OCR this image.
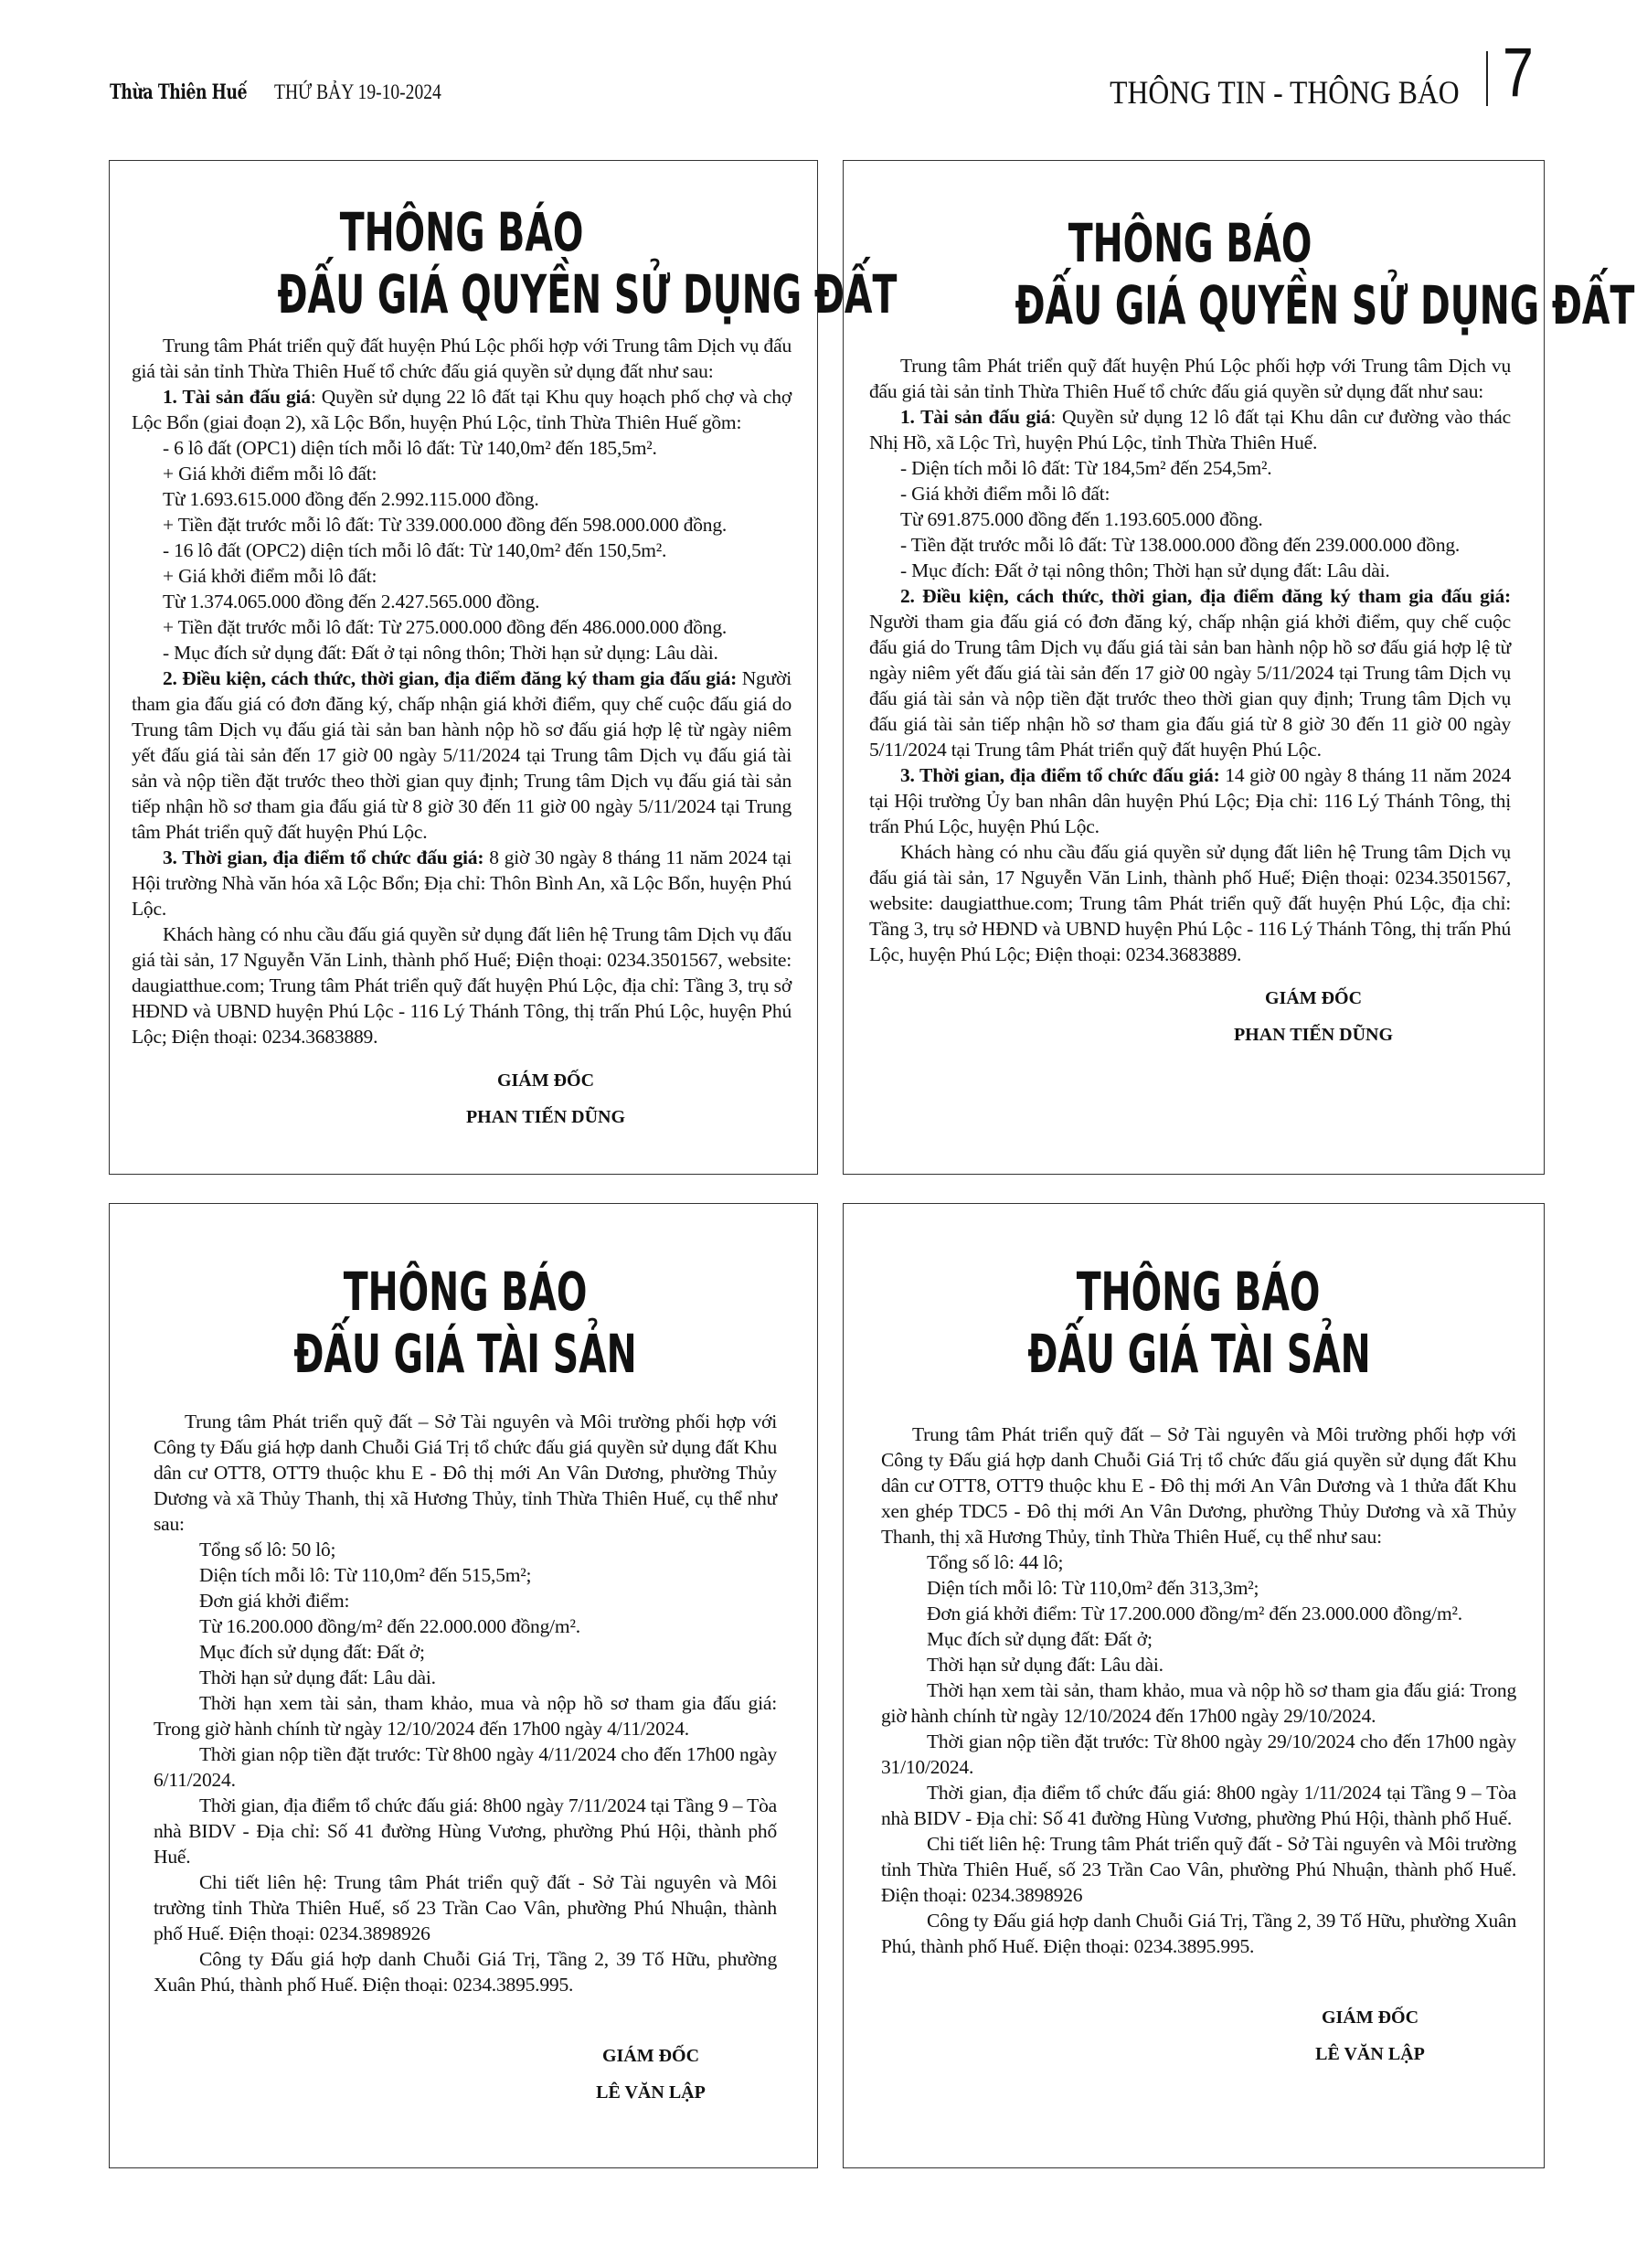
Thừa Thiên Huế THỨ BẢY 19-10-2024	THÔNG TIN - THÔNG BÁO 7
THÔNG BÁO
ĐẤU GIÁ QUYỀN SỬ DỤNG ĐẤT

Trung tâm Phát triển quỹ đất huyện Phú Lộc phối hợp với Trung tâm Dịch vụ đấu giá tài sản tỉnh Thừa Thiên Huế tổ chức đấu giá quyền sử dụng đất như sau:

1. Tài sản đấu giá: Quyền sử dụng 22 lô đất tại Khu quy hoạch phố chợ và chợ Lộc Bổn (giai đoạn 2), xã Lộc Bổn, huyện Phú Lộc, tỉnh Thừa Thiên Huế gồm:

- 6 lô đất (OPC1) diện tích mỗi lô đất: Từ 140,0m² đến 185,5m².

+ Giá khởi điểm mỗi lô đất:

Từ 1.693.615.000 đồng đến 2.992.115.000 đồng.

+ Tiền đặt trước mỗi lô đất: Từ 339.000.000 đồng đến 598.000.000 đồng.

- 16 lô đất (OPC2) diện tích mỗi lô đất: Từ 140,0m² đến 150,5m².

+ Giá khởi điểm mỗi lô đất:

Từ 1.374.065.000 đồng đến 2.427.565.000 đồng.

+ Tiền đặt trước mỗi lô đất: Từ 275.000.000 đồng đến 486.000.000 đồng.

- Mục đích sử dụng đất: Đất ở tại nông thôn; Thời hạn sử dụng: Lâu dài.

2. Điều kiện, cách thức, thời gian, địa điểm đăng ký tham gia đấu giá: Người tham gia đấu giá có đơn đăng ký, chấp nhận giá khởi điểm, quy chế cuộc đấu giá do Trung tâm Dịch vụ đấu giá tài sản ban hành nộp hồ sơ đấu giá hợp lệ từ ngày niêm yết đấu giá tài sản đến 17 giờ 00 ngày 5/11/2024 tại Trung tâm Dịch vụ đấu giá tài sản và nộp tiền đặt trước theo thời gian quy định; Trung tâm Dịch vụ đấu giá tài sản tiếp nhận hồ sơ tham gia đấu giá từ 8 giờ 30 đến 11 giờ 00 ngày 5/11/2024 tại Trung tâm Phát triển quỹ đất huyện Phú Lộc.

3. Thời gian, địa điểm tổ chức đấu giá: 8 giờ 30 ngày 8 tháng 11 năm 2024 tại Hội trường Nhà văn hóa xã Lộc Bổn; Địa chỉ: Thôn Bình An, xã Lộc Bổn, huyện Phú Lộc.

Khách hàng có nhu cầu đấu giá quyền sử dụng đất liên hệ Trung tâm Dịch vụ đấu giá tài sản, 17 Nguyễn Văn Linh, thành phố Huế; Điện thoại: 0234.3501567, website: daugiatthue.com; Trung tâm Phát triển quỹ đất huyện Phú Lộc, địa chỉ: Tầng 3, trụ sở HĐND và UBND huyện Phú Lộc - 116 Lý Thánh Tông, thị trấn Phú Lộc, huyện Phú Lộc; Điện thoại: 0234.3683889.

GIÁM ĐỐC
PHAN TIẾN DŨNG
THÔNG BÁO
ĐẤU GIÁ QUYỀN SỬ DỤNG ĐẤT

Trung tâm Phát triển quỹ đất huyện Phú Lộc phối hợp với Trung tâm Dịch vụ đấu giá tài sản tỉnh Thừa Thiên Huế tổ chức đấu giá quyền sử dụng đất như sau:

1. Tài sản đấu giá: Quyền sử dụng 12 lô đất tại Khu dân cư đường vào thác Nhị Hồ, xã Lộc Trì, huyện Phú Lộc, tỉnh Thừa Thiên Huế.

- Diện tích mỗi lô đất: Từ 184,5m² đến 254,5m².

- Giá khởi điểm mỗi lô đất:

Từ 691.875.000 đồng đến 1.193.605.000 đồng.

- Tiền đặt trước mỗi lô đất: Từ 138.000.000 đồng đến 239.000.000 đồng.

- Mục đích: Đất ở tại nông thôn; Thời hạn sử dụng đất: Lâu dài.

2. Điều kiện, cách thức, thời gian, địa điểm đăng ký tham gia đấu giá: Người tham gia đấu giá có đơn đăng ký, chấp nhận giá khởi điểm, quy chế cuộc đấu giá do Trung tâm Dịch vụ đấu giá tài sản ban hành nộp hồ sơ đấu giá hợp lệ từ ngày niêm yết đấu giá tài sản đến 17 giờ 00 ngày 5/11/2024 tại Trung tâm Dịch vụ đấu giá tài sản và nộp tiền đặt trước theo thời gian quy định; Trung tâm Dịch vụ đấu giá tài sản tiếp nhận hồ sơ tham gia đấu giá từ 8 giờ 30 đến 11 giờ 00 ngày 5/11/2024 tại Trung tâm Phát triển quỹ đất huyện Phú Lộc.

3. Thời gian, địa điểm tổ chức đấu giá: 14 giờ 00 ngày 8 tháng 11 năm 2024 tại Hội trường Ủy ban nhân dân huyện Phú Lộc; Địa chỉ: 116 Lý Thánh Tông, thị trấn Phú Lộc, huyện Phú Lộc.

Khách hàng có nhu cầu đấu giá quyền sử dụng đất liên hệ Trung tâm Dịch vụ đấu giá tài sản, 17 Nguyễn Văn Linh, thành phố Huế; Điện thoại: 0234.3501567, website: daugiatthue.com; Trung tâm Phát triển quỹ đất huyện Phú Lộc, địa chỉ: Tầng 3, trụ sở HĐND và UBND huyện Phú Lộc - 116 Lý Thánh Tông, thị trấn Phú Lộc, huyện Phú Lộc; Điện thoại: 0234.3683889.

GIÁM ĐỐC
PHAN TIẾN DŨNG
THÔNG BÁO
ĐẤU GIÁ TÀI SẢN

Trung tâm Phát triển quỹ đất – Sở Tài nguyên và Môi trường phối hợp với Công ty Đấu giá hợp danh Chuỗi Giá Trị tổ chức đấu giá quyền sử dụng đất Khu dân cư OTT8, OTT9 thuộc khu E - Đô thị mới An Vân Dương, phường Thủy Dương và xã Thủy Thanh, thị xã Hương Thủy, tỉnh Thừa Thiên Huế, cụ thể như sau:

Tổng số lô: 50 lô;

Diện tích mỗi lô: Từ 110,0m² đến 515,5m²;

Đơn giá khởi điểm:

Từ 16.200.000 đồng/m² đến 22.000.000 đồng/m².

Mục đích sử dụng đất: Đất ở;

Thời hạn sử dụng đất: Lâu dài.

Thời hạn xem tài sản, tham khảo, mua và nộp hồ sơ tham gia đấu giá: Trong giờ hành chính từ ngày 12/10/2024 đến 17h00 ngày 4/11/2024.

Thời gian nộp tiền đặt trước: Từ 8h00 ngày 4/11/2024 cho đến 17h00 ngày 6/11/2024.

Thời gian, địa điểm tổ chức đấu giá: 8h00 ngày 7/11/2024 tại Tầng 9 – Tòa nhà BIDV - Địa chỉ: Số 41 đường Hùng Vương, phường Phú Hội, thành phố Huế.

Chi tiết liên hệ: Trung tâm Phát triển quỹ đất - Sở Tài nguyên và Môi trường tỉnh Thừa Thiên Huế, số 23 Trần Cao Vân, phường Phú Nhuận, thành phố Huế. Điện thoại: 0234.3898926

Công ty Đấu giá hợp danh Chuỗi Giá Trị, Tầng 2, 39 Tố Hữu, phường Xuân Phú, thành phố Huế. Điện thoại: 0234.3895.995.

GIÁM ĐỐC
LÊ VĂN LẬP
THÔNG BÁO
ĐẤU GIÁ TÀI SẢN

Trung tâm Phát triển quỹ đất – Sở Tài nguyên và Môi trường phối hợp với Công ty Đấu giá hợp danh Chuỗi Giá Trị tổ chức đấu giá quyền sử dụng đất Khu dân cư OTT8, OTT9 thuộc khu E - Đô thị mới An Vân Dương và 1 thửa đất Khu xen ghép TDC5 - Đô thị mới An Vân Dương, phường Thủy Dương và xã Thủy Thanh, thị xã Hương Thủy, tỉnh Thừa Thiên Huế, cụ thể như sau:

Tổng số lô: 44 lô;

Diện tích mỗi lô: Từ 110,0m² đến 313,3m²;

Đơn giá khởi điểm: Từ 17.200.000 đồng/m² đến 23.000.000 đồng/m².

Mục đích sử dụng đất: Đất ở;

Thời hạn sử dụng đất: Lâu dài.

Thời hạn xem tài sản, tham khảo, mua và nộp hồ sơ tham gia đấu giá: Trong giờ hành chính từ ngày 12/10/2024 đến 17h00 ngày 29/10/2024.

Thời gian nộp tiền đặt trước: Từ 8h00 ngày 29/10/2024 cho đến 17h00 ngày 31/10/2024.

Thời gian, địa điểm tổ chức đấu giá: 8h00 ngày 1/11/2024 tại Tầng 9 – Tòa nhà BIDV - Địa chỉ: Số 41 đường Hùng Vương, phường Phú Hội, thành phố Huế.

Chi tiết liên hệ: Trung tâm Phát triển quỹ đất - Sở Tài nguyên và Môi trường tỉnh Thừa Thiên Huế, số 23 Trần Cao Vân, phường Phú Nhuận, thành phố Huế. Điện thoại: 0234.3898926

Công ty Đấu giá hợp danh Chuỗi Giá Trị, Tầng 2, 39 Tố Hữu, phường Xuân Phú, thành phố Huế. Điện thoại: 0234.3895.995.

GIÁM ĐỐC
LÊ VĂN LẬP
